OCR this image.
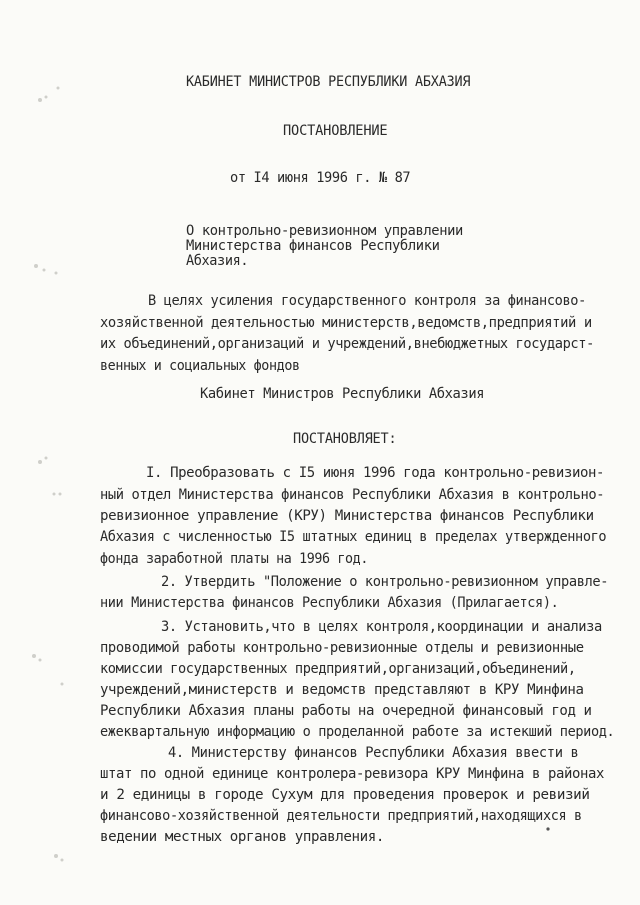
КАБИНЕТ МИНИСТРОВ РЕСПУБЛИКИ АБХАЗИЯ
ПОСТАНОВЛЕНИЕ
от I4 июня 1996 г. № 87
О контрольно-ревизионном управлении
Министерства финансов Республики
Абхазия.
В целях усиления государственного контроля за финансово-
хозяйственной деятельностью министерств,ведомств,предприятий и
их объединений,организаций и учреждений,внебюджетных государст-
венных и социальных фондов
Кабинет Министров Республики Абхазия
ПОСТАНОВЛЯЕТ:
I. Преобразовать с I5 июня 1996 года контрольно-ревизион-
ный отдел Министерства финансов Республики Абхазия в контрольно-
ревизионное управление (КРУ) Министерства финансов Республики
Абхазия с численностью I5 штатных единиц в пределах утвержденного
фонда заработной платы на 1996 год.
2. Утвердить "Положение о контрольно-ревизионном управле-
нии Министерства финансов Республики Абхазия (Прилагается).
3. Установить,что в целях контроля,координации и анализа
проводимой работы контрольно-ревизионные отделы и ревизионные
комиссии государственных предприятий,организаций,объединений,
учреждений,министерств и ведомств представляют в КРУ Минфина
Республики Абхазия планы работы на очередной финансовый год и
ежеквартальную информацию о проделанной работе за истекший период.
4. Министерству финансов Республики Абхазия ввести в
штат по одной единице контролера-ревизора КРУ Минфина в районах
и 2 единицы в городе Сухум для проведения проверок и ревизий
финансово-хозяйственной деятельности предприятий,находящихся в
ведении местных органов управления.
